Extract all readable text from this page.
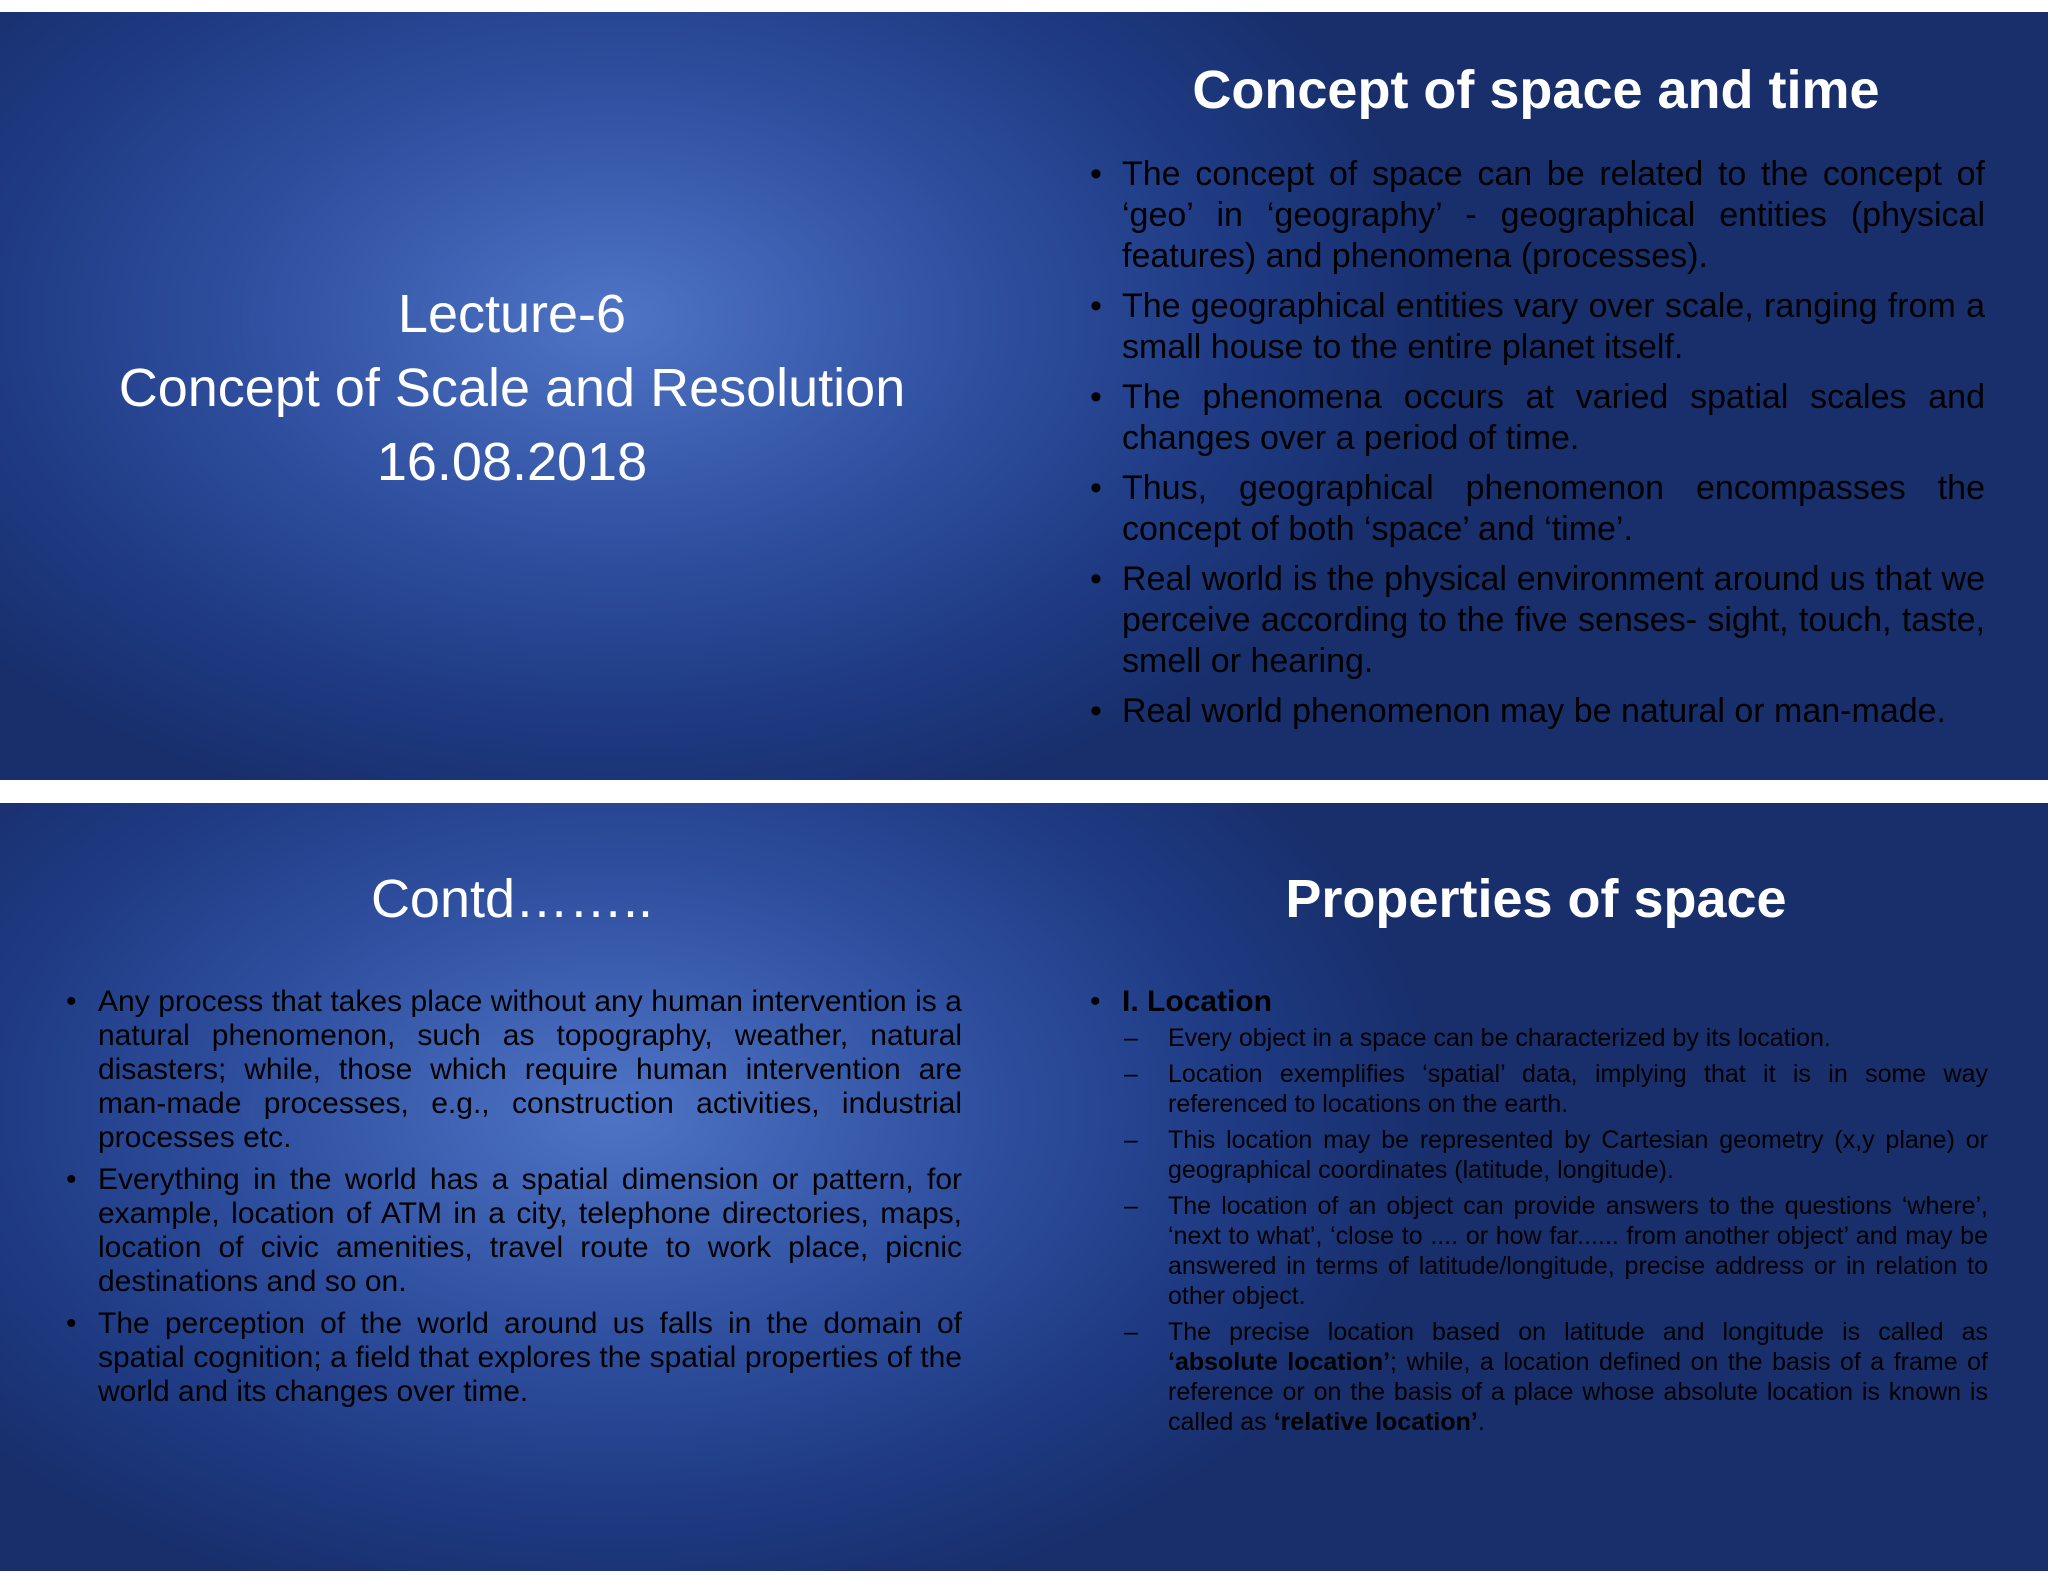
Lecture-6
Concept of Scale and Resolution
16.08.2018
Concept of space and time
• The concept of space can be related to the concept of ‘geo’ in ‘geography’ - geographical entities (physical features) and phenomena (processes).
• The geographical entities vary over scale, ranging from a small house to the entire planet itself.
• The phenomena occurs at varied spatial scales and changes over a period of time.
• Thus, geographical phenomenon encompasses the concept of both ‘space’ and ‘time’.
• Real world is the physical environment around us that we perceive according to the five senses- sight, touch, taste, smell or hearing.
• Real world phenomenon may be natural or man-made.
Contd……..
• Any process that takes place without any human intervention is a natural phenomenon, such as topography, weather, natural disasters; while, those which require human intervention are man-made processes, e.g., construction activities, industrial processes etc.
• Everything in the world has a spatial dimension or pattern, for example, location of ATM in a city, telephone directories, maps, location of civic amenities, travel route to work place, picnic destinations and so on.
• The perception of the world around us falls in the domain of spatial cognition; a field that explores the spatial properties of the world and its changes over time.
Properties of space
• I. Location
– Every object in a space can be characterized by its location.
– Location exemplifies ‘spatial’ data, implying that it is in some way referenced to locations on the earth.
– This location may be represented by Cartesian geometry (x,y plane) or geographical coordinates (latitude, longitude).
– The location of an object can provide answers to the questions ‘where’, ‘next to what’, ‘close to .... or how far...... from another object’ and may be answered in terms of latitude/longitude, precise address or in relation to other object.
– The precise location based on latitude and longitude is called as ‘absolute location’; while, a location defined on the basis of a frame of reference or on the basis of a place whose absolute location is known is called as ‘relative location’.
